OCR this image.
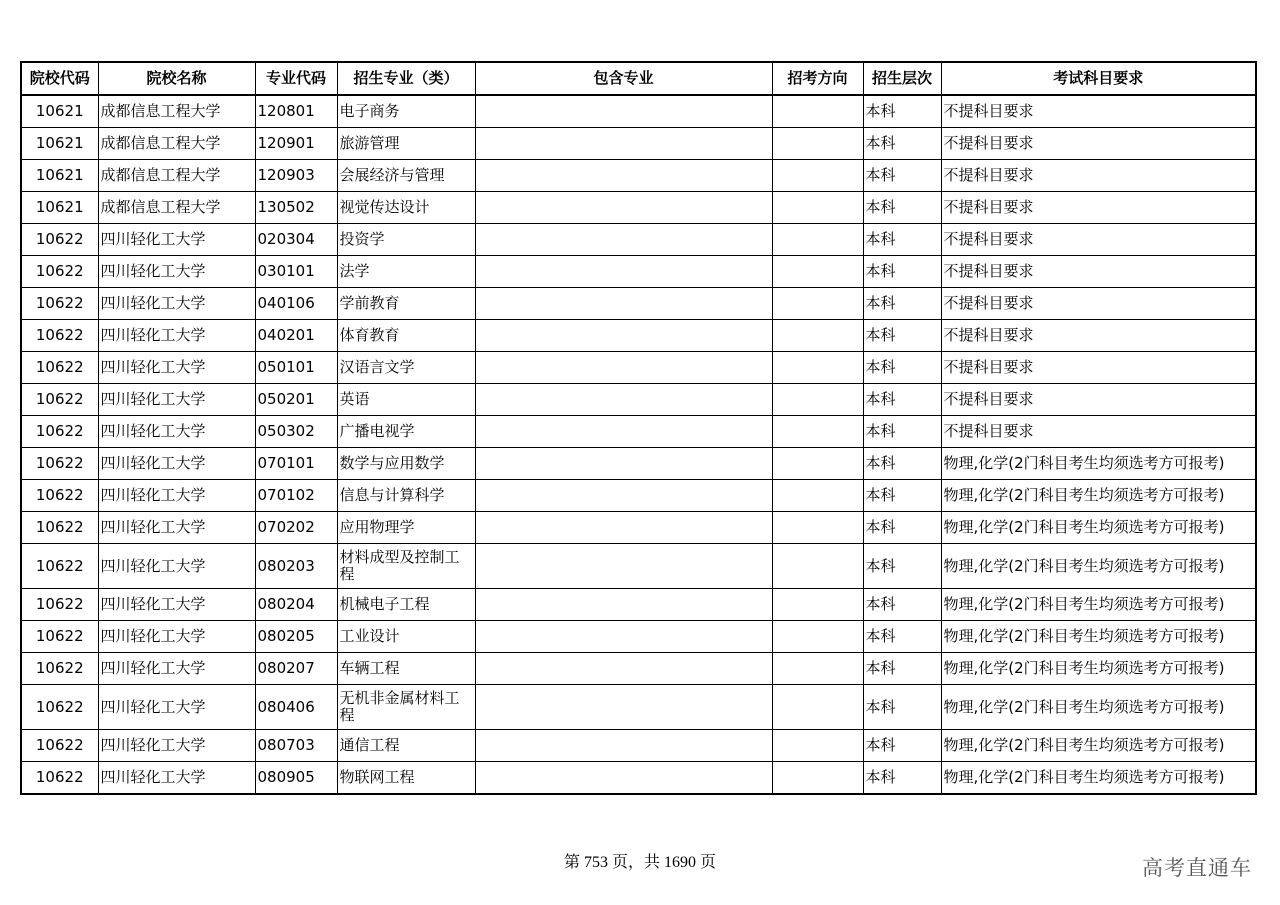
院校代码	院校名称	专业代码	招生专业（类）	包含专业	招考方向	招生层次	考试科目要求
10621	成都信息工程大学	120801	电子商务			本科	不提科目要求
10621	成都信息工程大学	120901	旅游管理			本科	不提科目要求
10621	成都信息工程大学	120903	会展经济与管理			本科	不提科目要求
10621	成都信息工程大学	130502	视觉传达设计			本科	不提科目要求
10622	四川轻化工大学	020304	投资学			本科	不提科目要求
10622	四川轻化工大学	030101	法学			本科	不提科目要求
10622	四川轻化工大学	040106	学前教育			本科	不提科目要求
10622	四川轻化工大学	040201	体育教育			本科	不提科目要求
10622	四川轻化工大学	050101	汉语言文学			本科	不提科目要求
10622	四川轻化工大学	050201	英语			本科	不提科目要求
10622	四川轻化工大学	050302	广播电视学			本科	不提科目要求
10622	四川轻化工大学	070101	数学与应用数学			本科	物理,化学(2门科目考生均须选考方可报考)
10622	四川轻化工大学	070102	信息与计算科学			本科	物理,化学(2门科目考生均须选考方可报考)
10622	四川轻化工大学	070202	应用物理学			本科	物理,化学(2门科目考生均须选考方可报考)
10622	四川轻化工大学	080203	材料成型及控制工程			本科	物理,化学(2门科目考生均须选考方可报考)
10622	四川轻化工大学	080204	机械电子工程			本科	物理,化学(2门科目考生均须选考方可报考)
10622	四川轻化工大学	080205	工业设计			本科	物理,化学(2门科目考生均须选考方可报考)
10622	四川轻化工大学	080207	车辆工程			本科	物理,化学(2门科目考生均须选考方可报考)
10622	四川轻化工大学	080406	无机非金属材料工程			本科	物理,化学(2门科目考生均须选考方可报考)
10622	四川轻化工大学	080703	通信工程			本科	物理,化学(2门科目考生均须选考方可报考)
10622	四川轻化工大学	080905	物联网工程			本科	物理,化学(2门科目考生均须选考方可报考)
第 753 页，共 1690 页	高考直通车
